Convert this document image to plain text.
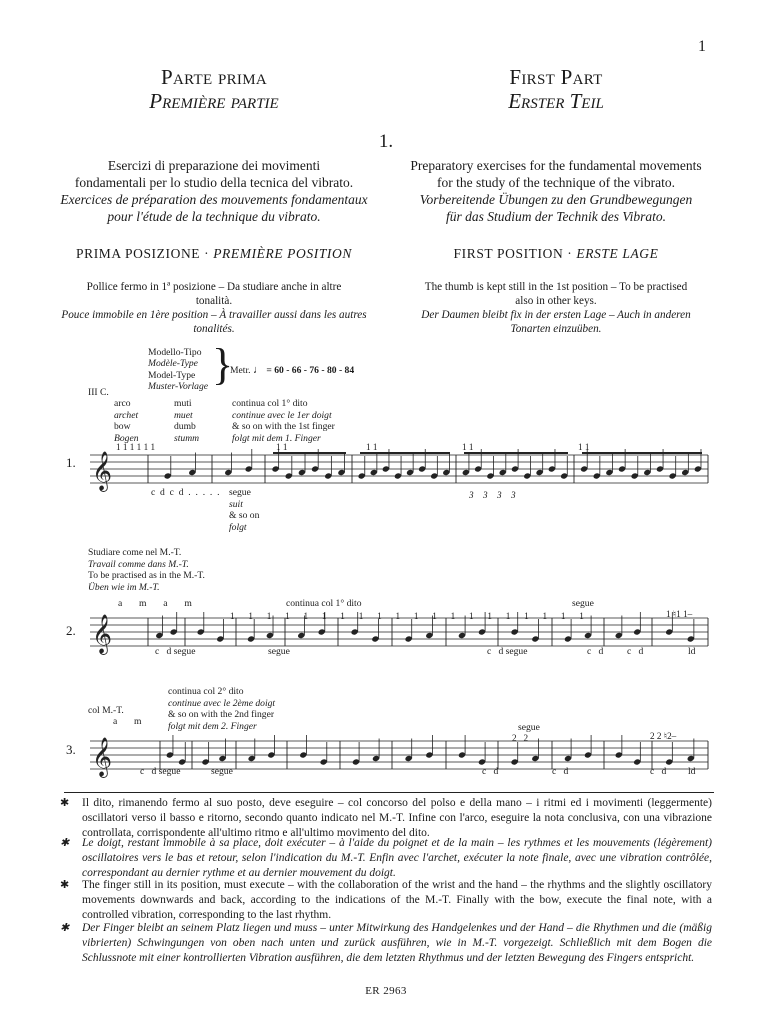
1
Parte prima
Première partie
First Part
Erster Teil
1.
Esercizi di preparazione dei movimenti
fondamentali per lo studio della tecnica del vibrato.
Exercices de préparation des mouvements fondamentaux
pour l'étude de la technique du vibrato.
Preparatory exercises for the fundamental movements
for the study of the technique of the vibrato.
Vorbereitende Übungen zu den Grundbewegungen
für das Studium der Technik des Vibrato.
PRIMA POSIZIONE · PREMIÈRE POSITION	FIRST POSITION · ERSTE LAGE
Pollice fermo in 1ª posizione – Da studiare anche in altre
tonalità.
Pouce immobile en 1ère position – À travailler aussi dans les autres
tonalités.
The thumb is kept still in the 1st position – To be practised
also in other keys.
Der Daumen bleibt fix in der ersten Lage – Auch in anderen
Tonarten einzuüben.
Modello-Tipo
Modèle-Type
Model-Type
Muster-Vorlage }
Metr. ♩ = 60 - 66 - 76 - 80 - 84
III C.
arco
archet
bow
Bogen
muti
muet
dumb
stumm
continua col 1° dito
continue avec le 1er doigt
& so on with the 1st finger
folgt mit dem 1. Finger
1 1 1 1 1 1	1 1	1 1	1 1	1 1
1.
c d c d . . . . . segue
suit
& so on
folgt
3 3 3 3
Studiare come nel M.-T.
Travail comme dans M.-T.
To be practised as in the M.-T.
Üben wie im M.-T.
a       m       a       m	continua col 1° dito	segue
1   1   1   1   1   1   1   1   1   1   1   1   1   1   1   1   1   1   1   1	1 ♮1 1–
2.
c   d segue	segue	c   d segue	c   d c   d	ld
continua col 2° dito
continue avec le 2ème doigt
& so on with the 2nd finger
folgt mit dem 2. Finger
col M.-T.
a       m
segue
2   2	2 2 ♮2–
3.
c   d segue	segue	c   d	c   d	c   d ld
𝄞
𝄞
𝄞
✱	Il dito, rimanendo fermo al suo posto, deve eseguire – col concorso del polso e della mano – i ritmi ed i movimenti (leggermente) oscillatori verso il basso e ritorno, secondo quanto indicato nel M.-T. Infine con l'arco, eseguire la nota conclusiva, con una vibrazione controllata, corrispondente all'ultimo ritmo e all'ultimo movimento del dito.
✱	Le doigt, restant immobile à sa place, doit exécuter – à l'aide du poignet et de la main – les rythmes et les mouvements (légèrement) oscillatoires vers le bas et retour, selon l'indication du M.-T. Enfin avec l'archet, exécuter la note finale, avec une vibration contrôlée, correspondant au dernier rythme et au dernier mouvement du doigt.
✱	The finger still in its position, must execute – with the collaboration of the wrist and the hand – the rhythms and the slightly oscillatory movements downwards and back, according to the indications of the M.-T. Finally with the bow, execute the final note, with a controlled vibration, corresponding to the last rhythm.
✱	Der Finger bleibt an seinem Platz liegen und muss – unter Mitwirkung des Handgelenkes und der Hand – die Rhythmen und die (mäßig vibrierten) Schwingungen von oben nach unten und zurück ausführen, wie in M.-T. vorgezeigt. Schließlich mit dem Bogen die Schlussnote mit einer kontrollierten Vibration ausführen, die dem letzten Rhythmus und der letzten Bewegung des Fingers entspricht.
ER 2963
